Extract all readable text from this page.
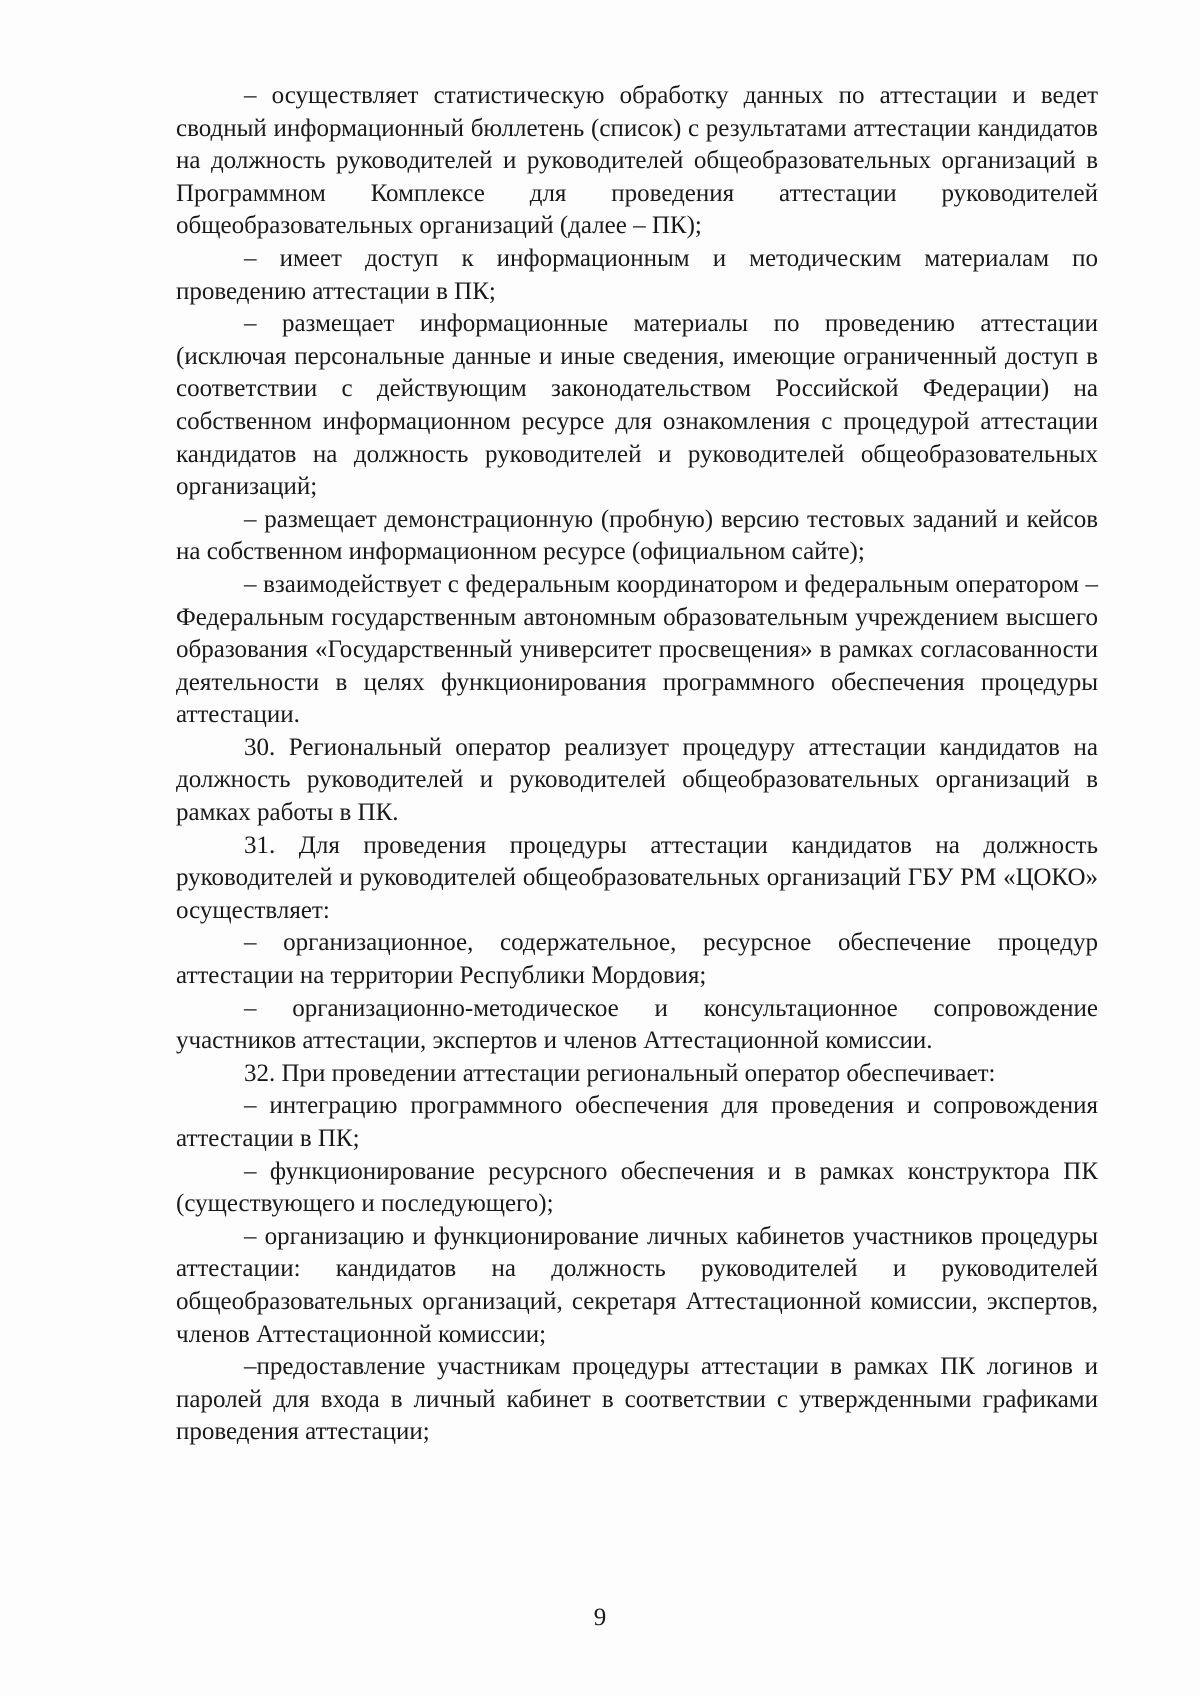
– осуществляет статистическую обработку данных по аттестации и ведет сводный информационный бюллетень (список) с результатами аттестации кандидатов на должность руководителей и руководителей общеобразовательных организаций в Программном Комплексе для проведения аттестации руководителей общеобразовательных организаций (далее – ПК);

– имеет доступ к информационным и методическим материалам по проведению аттестации в ПК;

– размещает информационные материалы по проведению аттестации (исключая персональные данные и иные сведения, имеющие ограниченный доступ в соответствии с действующим законодательством Российской Федерации) на собственном информационном ресурсе для ознакомления с процедурой аттестации кандидатов на должность руководителей и руководителей общеобразовательных организаций;

– размещает демонстрационную (пробную) версию тестовых заданий и кейсов на собственном информационном ресурсе (официальном сайте);

– взаимодействует с федеральным координатором и федеральным оператором – Федеральным государственным автономным образовательным учреждением высшего образования «Государственный университет просвещения» в рамках согласованности деятельности в целях функционирования программного обеспечения процедуры аттестации.

30. Региональный оператор реализует процедуру аттестации кандидатов на должность руководителей и руководителей общеобразовательных организаций в рамках работы в ПК.

31. Для проведения процедуры аттестации кандидатов на должность руководителей и руководителей общеобразовательных организаций ГБУ РМ «ЦОКО» осуществляет:

– организационное, содержательное, ресурсное обеспечение процедур аттестации на территории Республики Мордовия;

– организационно-методическое и консультационное сопровождение участников аттестации, экспертов и членов Аттестационной комиссии.

32. При проведении аттестации региональный оператор обеспечивает:

– интеграцию программного обеспечения для проведения и сопровождения аттестации в ПК;

– функционирование ресурсного обеспечения и в рамках конструктора ПК (существующего и последующего);

– организацию и функционирование личных кабинетов участников процедуры аттестации: кандидатов на должность руководителей и руководителей общеобразовательных организаций, секретаря Аттестационной комиссии, экспертов, членов Аттестационной комиссии;

–предоставление участникам процедуры аттестации в рамках ПК логинов и паролей для входа в личный кабинет в соответствии с утвержденными графиками проведения аттестации;

9
